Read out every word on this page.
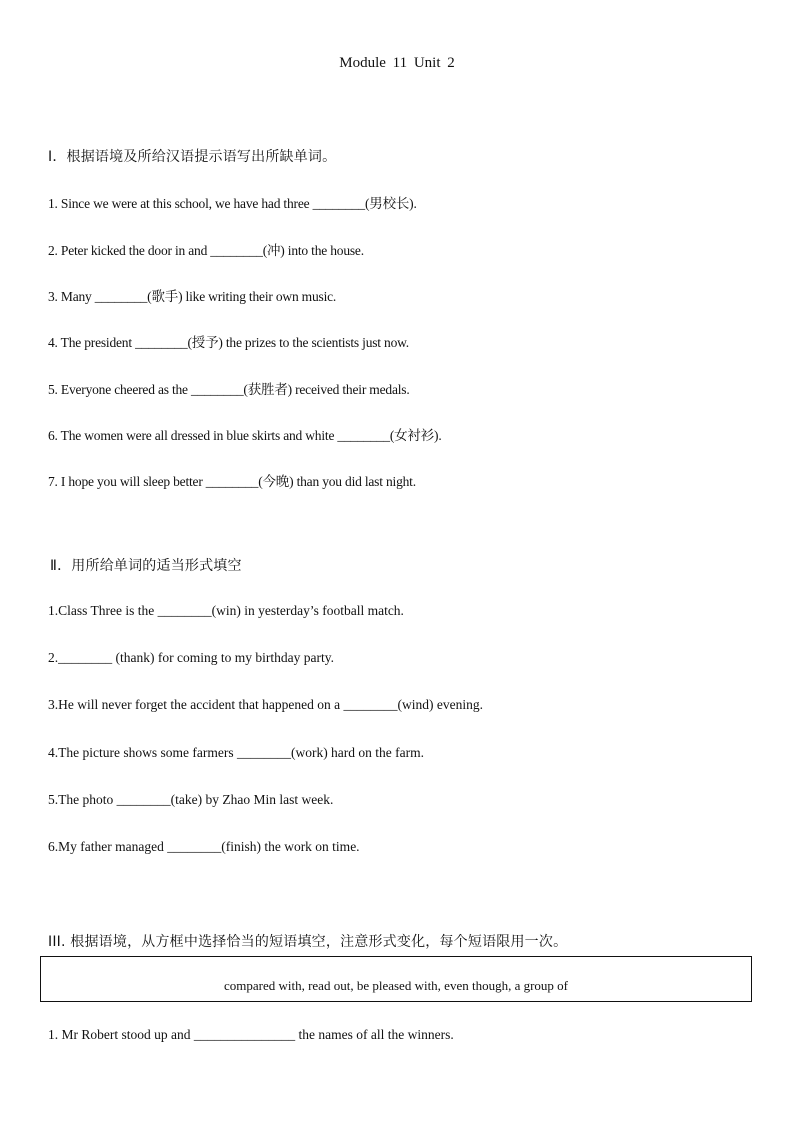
Module 11 Unit 2
Ⅰ．根据语境及所给汉语提示语写出所缺单词。
1. Since we were at this school, we have had three ________(男校长).
2. Peter kicked the door in and ________(冲) into the house.
3. Many ________(歌手) like writing their own music.
4. The president ________(授予) the prizes to the scientists just now.
5. Everyone cheered as the ________(获胜者) received their medals.
6. The women were all dressed in blue skirts and white ________(女衬衫).
7. I hope you will sleep better ________(今晚) than you did last night.
Ⅱ．用所给单词的适当形式填空
1.Class Three is the ________(win) in yesterday’s football match.
2.________ (thank) for coming to my birthday party.
3.He will never forget the accident that happened on a ________(wind) evening.
4.The picture shows some farmers ________(work) hard on the farm.
5.The photo ________(take) by Zhao Min last week.
6.My father managed ________(finish) the work on time.
III. 根据语境，从方框中选择恰当的短语填空，注意形式变化，每个短语限用一次。
compared with, read out, be pleased with, even though, a group of
1. Mr Robert stood up and _______________ the names of all the winners.
